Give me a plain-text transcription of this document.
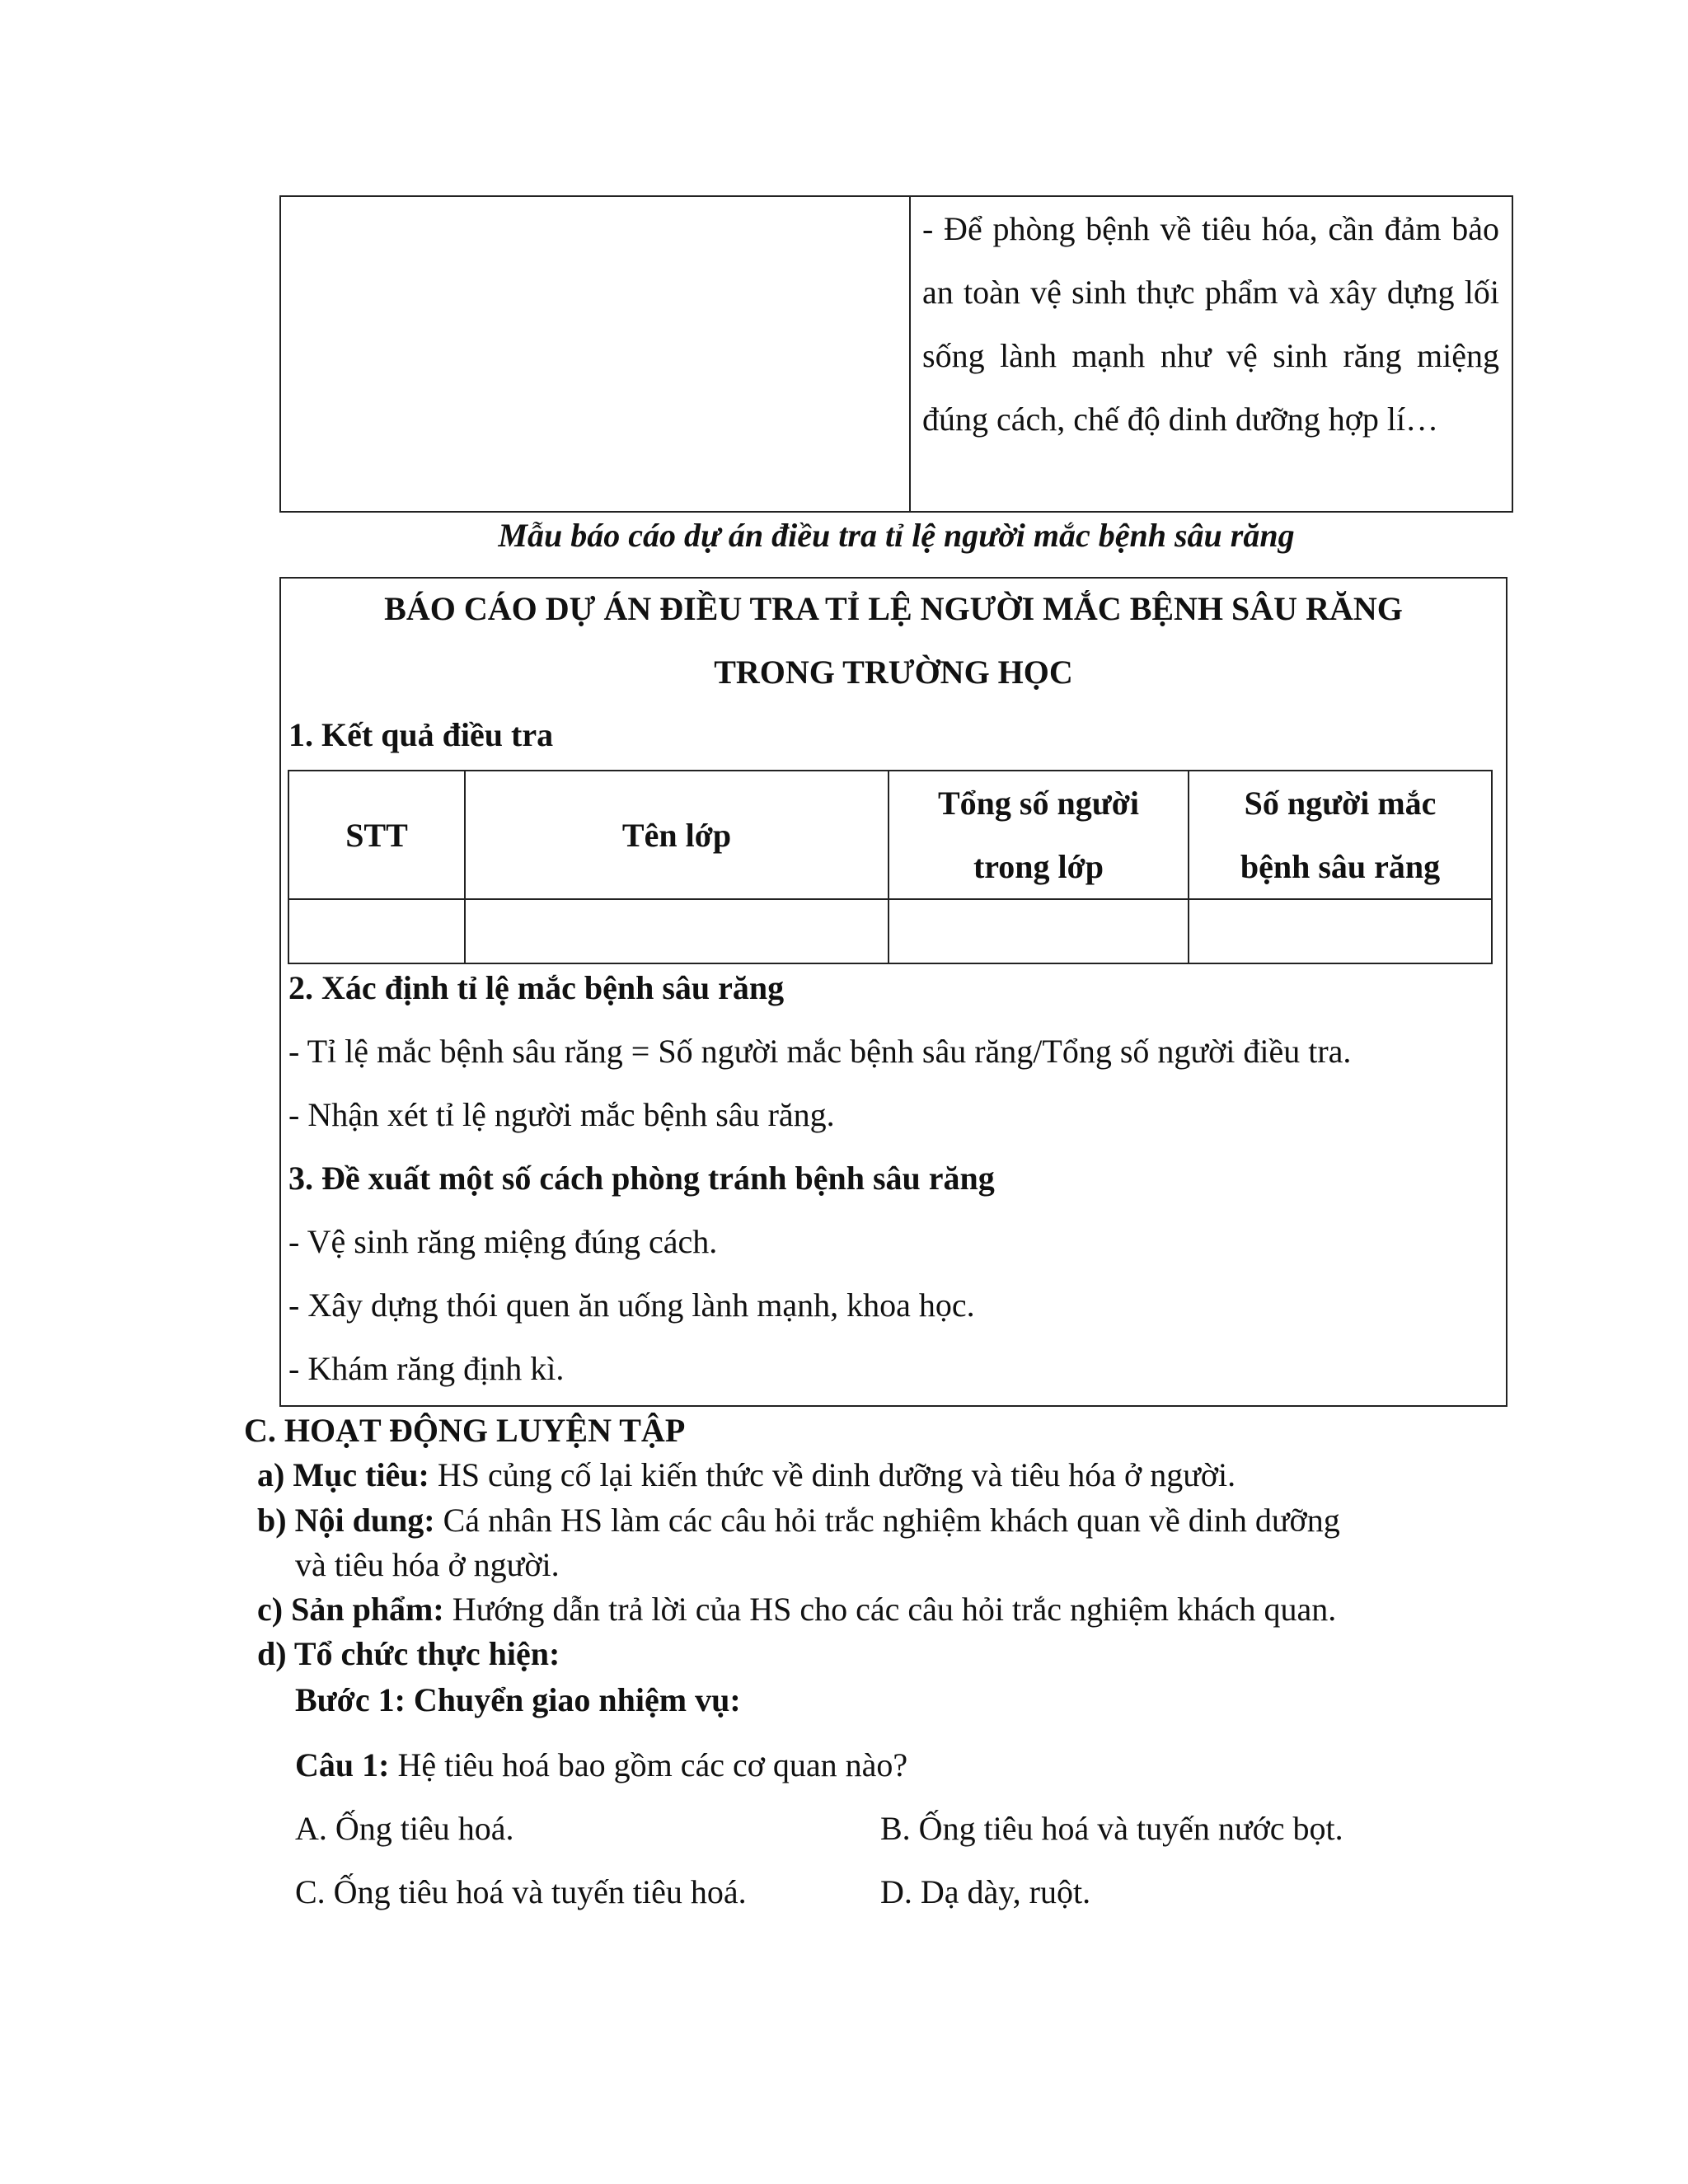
- Để phòng bệnh về tiêu hóa, cần đảm bảo an toàn vệ sinh thực phẩm và xây dựng lối sống lành mạnh như vệ sinh răng miệng đúng cách, chế độ dinh dưỡng hợp lí…
Mẫu báo cáo dự án điều tra tỉ lệ người mắc bệnh sâu răng
BÁO CÁO DỰ ÁN ĐIỀU TRA TỈ LỆ NGƯỜI MẮC BỆNH SÂU RĂNG
TRONG TRƯỜNG HỌC
1. Kết quả điều tra
STT	Tên lớp	Tổng số người trong lớp	Số người mắc bệnh sâu răng

2. Xác định tỉ lệ mắc bệnh sâu răng
- Tỉ lệ mắc bệnh sâu răng = Số người mắc bệnh sâu răng/Tổng số người điều tra.
- Nhận xét tỉ lệ người mắc bệnh sâu răng.
3. Đề xuất một số cách phòng tránh bệnh sâu răng
- Vệ sinh răng miệng đúng cách.
- Xây dựng thói quen ăn uống lành mạnh, khoa học.
- Khám răng định kì.
C. HOẠT ĐỘNG LUYỆN TẬP
a) Mục tiêu: HS củng cố lại kiến thức về dinh dưỡng và tiêu hóa ở người.
b) Nội dung: Cá nhân HS làm các câu hỏi trắc nghiệm khách quan về dinh dưỡng
và tiêu hóa ở người.
c) Sản phẩm: Hướng dẫn trả lời của HS cho các câu hỏi trắc nghiệm khách quan.
d) Tổ chức thực hiện:
Bước 1: Chuyển giao nhiệm vụ:
Câu 1: Hệ tiêu hoá bao gồm các cơ quan nào?
A. Ống tiêu hoá.	B. Ống tiêu hoá và tuyến nước bọt.
C. Ống tiêu hoá và tuyến tiêu hoá.	D. Dạ dày, ruột.
